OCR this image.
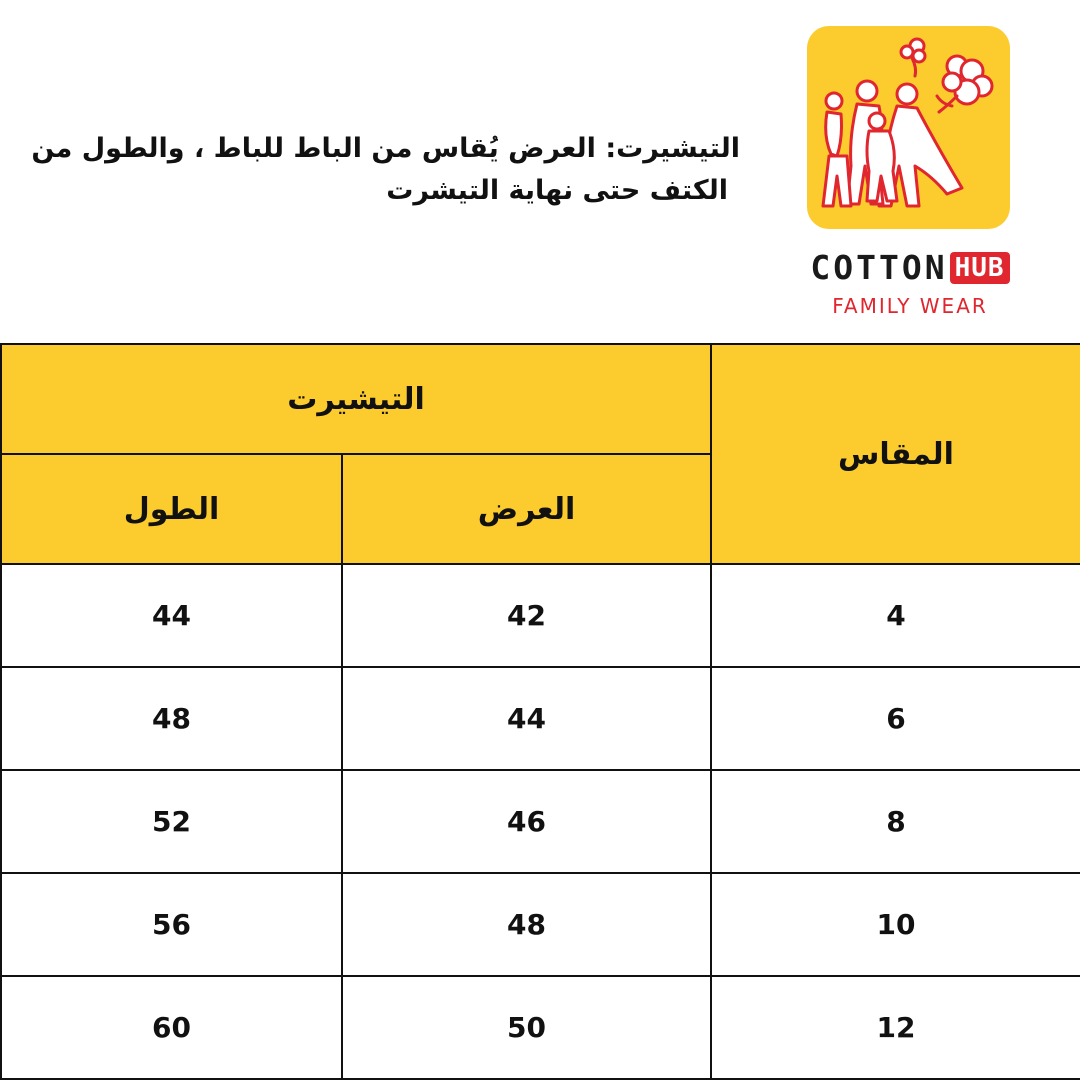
التيشيرت: العرض يُقاس من الباط للباط ، والطول من

الكتف حتى نهاية التيشرت

COTTON HUB
FAMILY WEAR
التيشيرت		المقاس
الطول	العرض	
44	42	4
48	44	6
52	46	8
56	48	10
60	50	12
